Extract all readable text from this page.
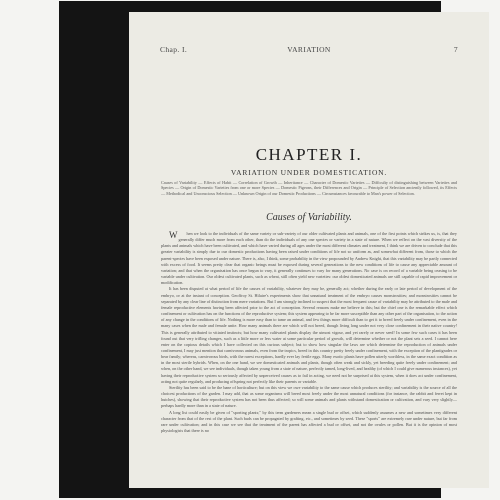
Chap. I.	VARIATION	7
CHAPTER I.
VARIATION UNDER DOMESTICATION.
Causes of Variability — Effects of Habit — Correlation of Growth — Inheritance — Character of Domestic Varieties — Difficulty of distinguishing between Varieties and Species — Origin of Domestic Varieties from one or more Species — Domestic Pigeons, their Differences and Origin — Principle of Selection anciently followed, its Effects — Methodical and Unconscious Selection — Unknown Origin of our Domestic Productions — Circumstances favourable to Man's power of Selection.
Causes of Variability.

W hen we look to the individuals of the same variety or sub-variety of our older cultivated plants and animals, one of the first points which strikes us, is, that they generally differ much more from each other, than do the individuals of any one species or variety in a state of nature. When we reflect on the vast diversity of the plants and animals which have been cultivated, and which have varied during all ages under the most different climates and treatment, I think we are driven to conclude that this greater variability is simply due to our domestic productions having been raised under conditions of life not so uniform as, and somewhat different from, those to which the parent-species have been exposed under nature. There is, also, I think, some probability in the view propounded by Andrew Knight, that this variability may be partly connected with excess of food. It seems pretty clear that organic beings must be exposed during several generations to the new conditions of life to cause any appreciable amount of variation; and that when the organisation has once begun to vary, it generally continues to vary for many generations. No case is on record of a variable being ceasing to be variable under cultivation. Our oldest cultivated plants, such as wheat, still often yield new varieties: our oldest domesticated animals are still capable of rapid improvement or modification.

It has been disputed at what period of life the causes of variability, whatever they may be, generally act; whether during the early or late period of development of the embryo, or at the instant of conception. Geoffroy St. Hilaire's experiments show that unnatural treatment of the embryo causes monstrosities; and monstrosities cannot be separated by any clear line of distinction from mere variations. But I am strongly inclined to suspect that the most frequent cause of variability may be attributed to the male and female reproductive elements having been affected prior to the act of conception. Several reasons make me believe in this; but the chief one is the remarkable effect which confinement or cultivation has on the functions of the reproductive system; this system appearing to be far more susceptible than any other part of the organisation, to the action of any change in the conditions of life. Nothing is more easy than to tame an animal, and few things more difficult than to get it to breed freely under confinement, even in the many cases when the male and female unite. How many animals there are which will not breed, though living long under not very close confinement in their native country! This is generally attributed to vitiated instincts; but how many cultivated plants display the utmost vigour, and yet rarely or never seed! In some few such cases it has been found out that very trifling changes, such as a little more or less water at some particular period of growth, will determine whether or not the plant sets a seed. I cannot here enter on the copious details which I have collected on this curious subject; but to show how singular the laws are which determine the reproduction of animals under confinement, I may just mention that carnivorous animals, even from the tropics, breed in this country pretty freely under confinement, with the exception of the plantigrades or bear family; whereas, carnivorous birds, with the rarest exceptions, hardly ever lay fertile eggs. Many exotic plants have pollen utterly worthless, in the same exact condition as in the most sterile hybrids. When, on the one hand, we see domesticated animals and plants, though often weak and sickly, yet breeding quite freely under confinement; and when, on the other hand, we see individuals, though taken young from a state of nature, perfectly tamed, long-lived, and healthy (of which I could give numerous instances), yet having their reproductive system so seriously affected by unperceived causes as to fail in acting, we need not be surprised at this system, when it does act under confinement, acting not quite regularly, and producing offspring not perfectly like their parents or variable.

Sterility has been said to be the bane of horticulture; but on this view we owe variability to the same cause which produces sterility; and variability is the source of all the choicest productions of the garden. I may add, that as some organisms will breed most freely under the most unnatural conditions (for instance, the rabbit and ferret kept in hutches), showing that their reproductive system has not been thus affected; so will some animals and plants withstand domestication or cultivation, and vary very slightly—perhaps hardly more than in a state of nature.

A long list could easily be given of "sporting plants;" by this term gardeners mean a single bud or offset, which suddenly assumes a new and sometimes very different character from that of the rest of the plant. Such buds can be propagated by grafting, etc., and sometimes by seed. These "sports" are extremely rare under nature, but far from rare under cultivation; and in this case we see that the treatment of the parent has affected a bud or offset, and not the ovules or pollen. But it is the opinion of most physiologists that there is no
